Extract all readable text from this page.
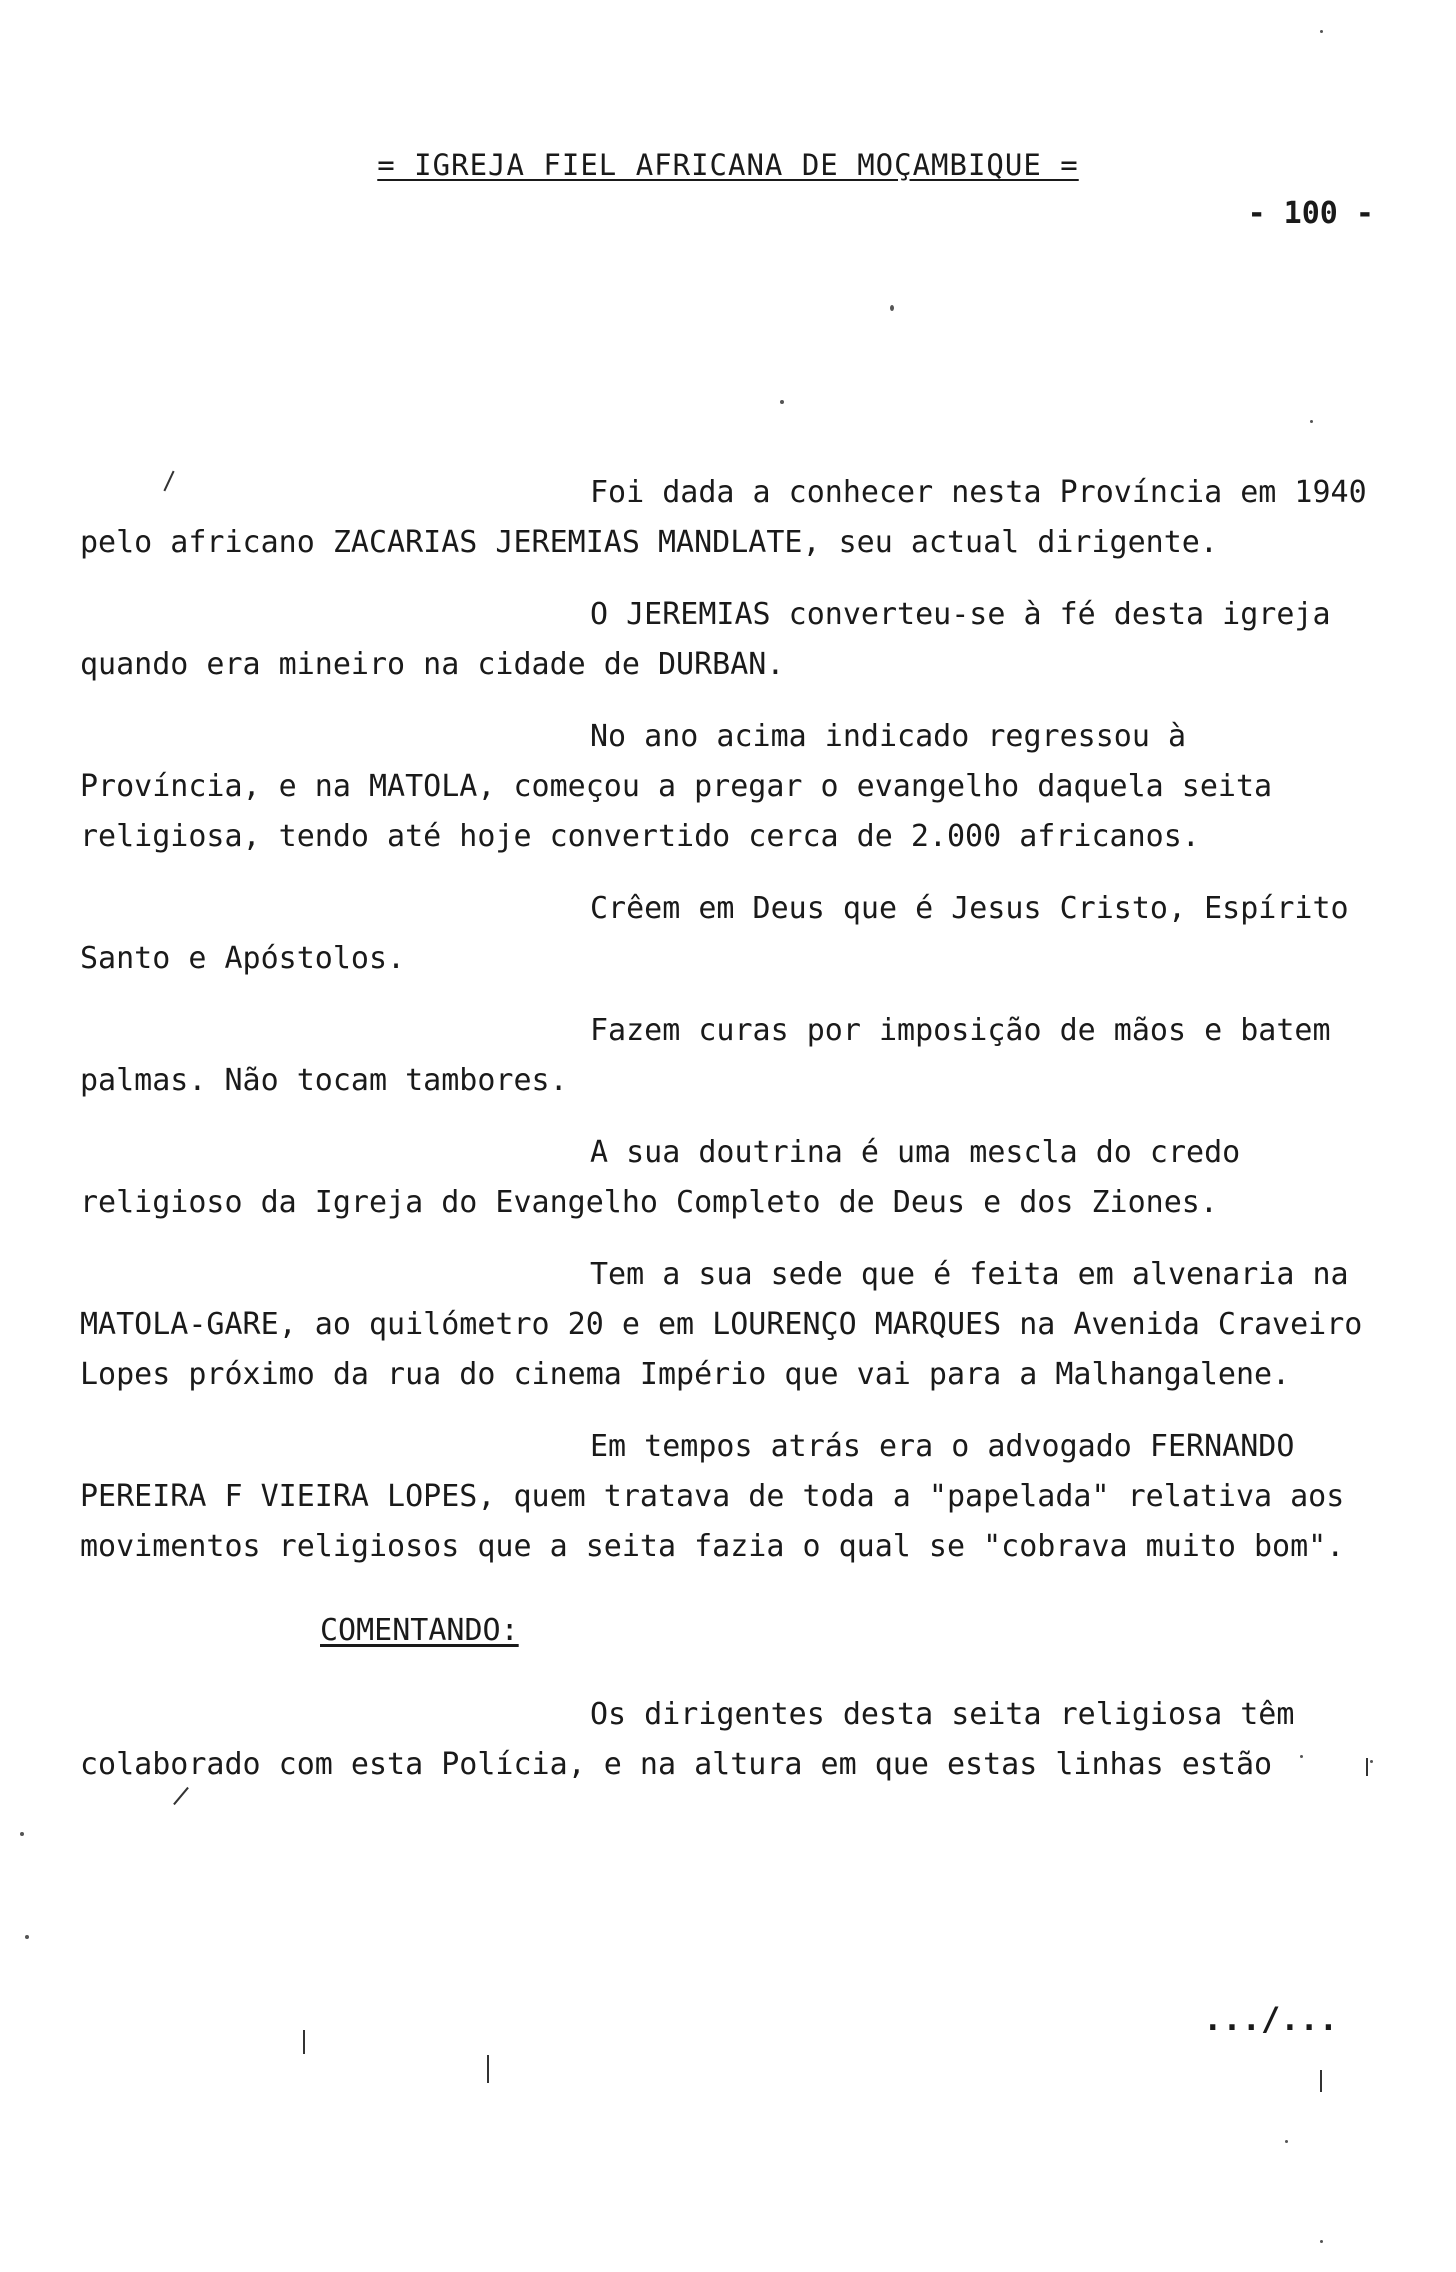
= IGREJA FIEL AFRICANA DE MOÇAMBIQUE =
- 100 -

Foi dada a conhecer nesta Província em 1940 pelo africano ZACARIAS JEREMIAS MANDLATE, seu actual dirigente.

O JEREMIAS converteu-se à fé desta igreja quando era mineiro na cidade de DURBAN.

No ano acima indicado regressou à Província, e na MATOLA, começou a pregar o evangelho daquela seita religiosa, tendo até hoje convertido cerca de 2.000 africanos.

Crêem em Deus que é Jesus Cristo, Espírito Santo e Apóstolos.

Fazem curas por imposição de mãos e batem palmas. Não tocam tambores.

A sua doutrina é uma mescla do credo religioso da Igreja do Evangelho Completo de Deus e dos Ziones.

Tem a sua sede que é feita em alvenaria na MATOLA-GARE, ao quilómetro 20 e em LOURENÇO MARQUES na Avenida Craveiro Lopes próximo da rua do cinema Império que vai para a Malhangalene.

Em tempos atrás era o advogado FERNANDO PEREIRA F VIEIRA LOPES, quem tratava de toda a "papelada" relativa aos movimentos religiosos que a seita fazia o qual se "cobrava muito bom".

COMENTANDO:

Os dirigentes desta seita religiosa têm colaborado com esta Polícia, e na altura em que estas linhas estão

.../...
